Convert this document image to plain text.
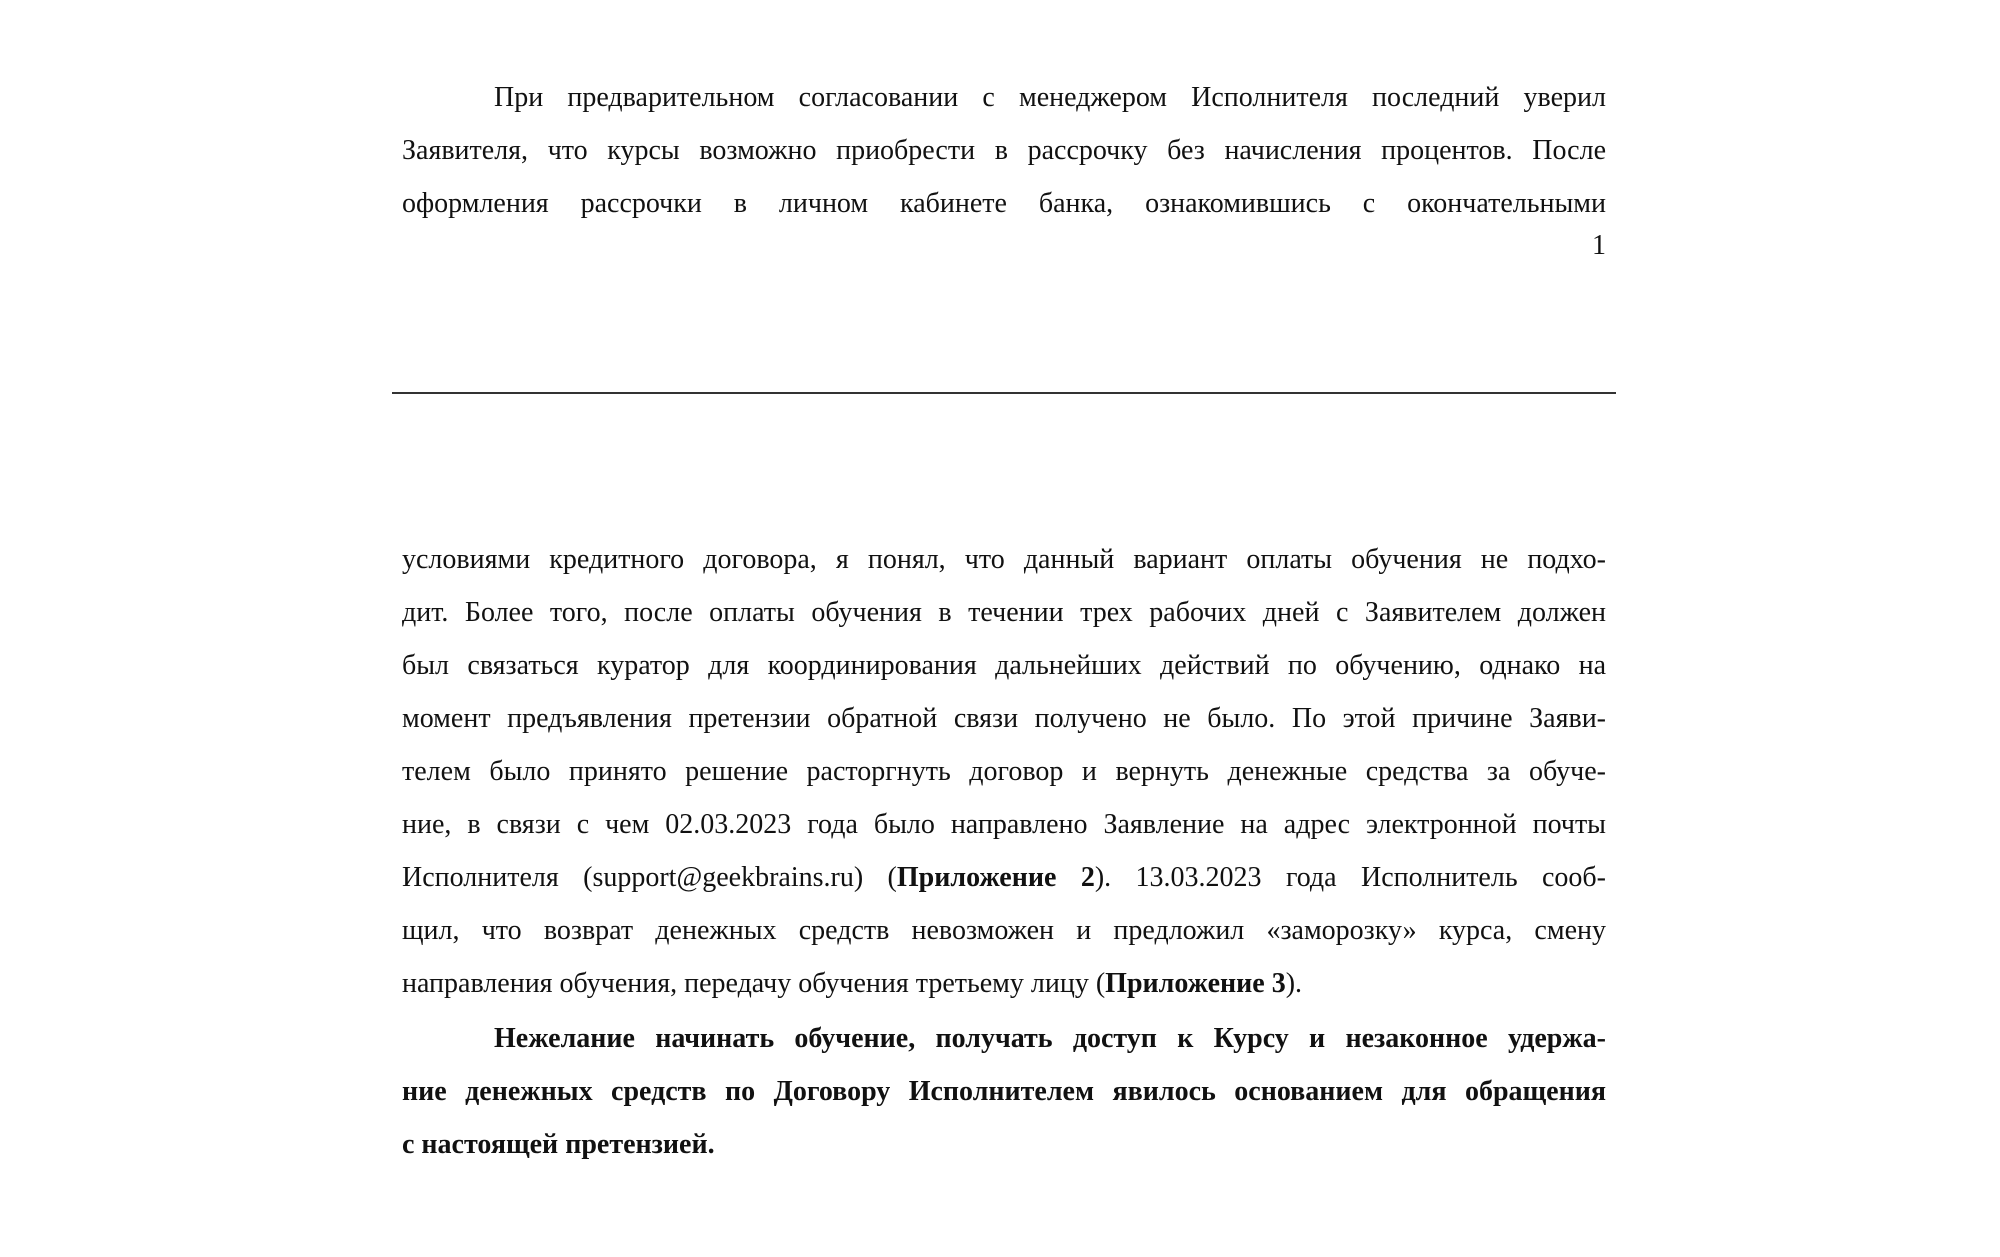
При предварительном согласовании с менеджером Исполнителя последний уверил
Заявителя, что курсы возможно приобрести в рассрочку без начисления процентов. После
оформления рассрочки в личном кабинете банка, ознакомившись с окончательными
1
условиями кредитного договора, я понял, что данный вариант оплаты обучения не подхо-
дит. Более того, после оплаты обучения в течении трех рабочих дней с Заявителем должен
был связаться куратор для координирования дальнейших действий по обучению, однако на
момент предъявления претензии обратной связи получено не было. По этой причине Заяви-
телем было принято решение расторгнуть договор и вернуть денежные средства за обуче-
ние, в связи с чем 02.03.2023 года было направлено Заявление на адрес электронной почты
Исполнителя (support@geekbrains.ru) (Приложение 2). 13.03.2023 года Исполнитель сооб-
щил, что возврат денежных средств невозможен и предложил «заморозку» курса, смену
направления обучения, передачу обучения третьему лицу (Приложение 3).
Нежелание начинать обучение, получать доступ к Курсу и незаконное удержа-
ние денежных средств по Договору Исполнителем явилось основанием для обращения
с настоящей претензией.
